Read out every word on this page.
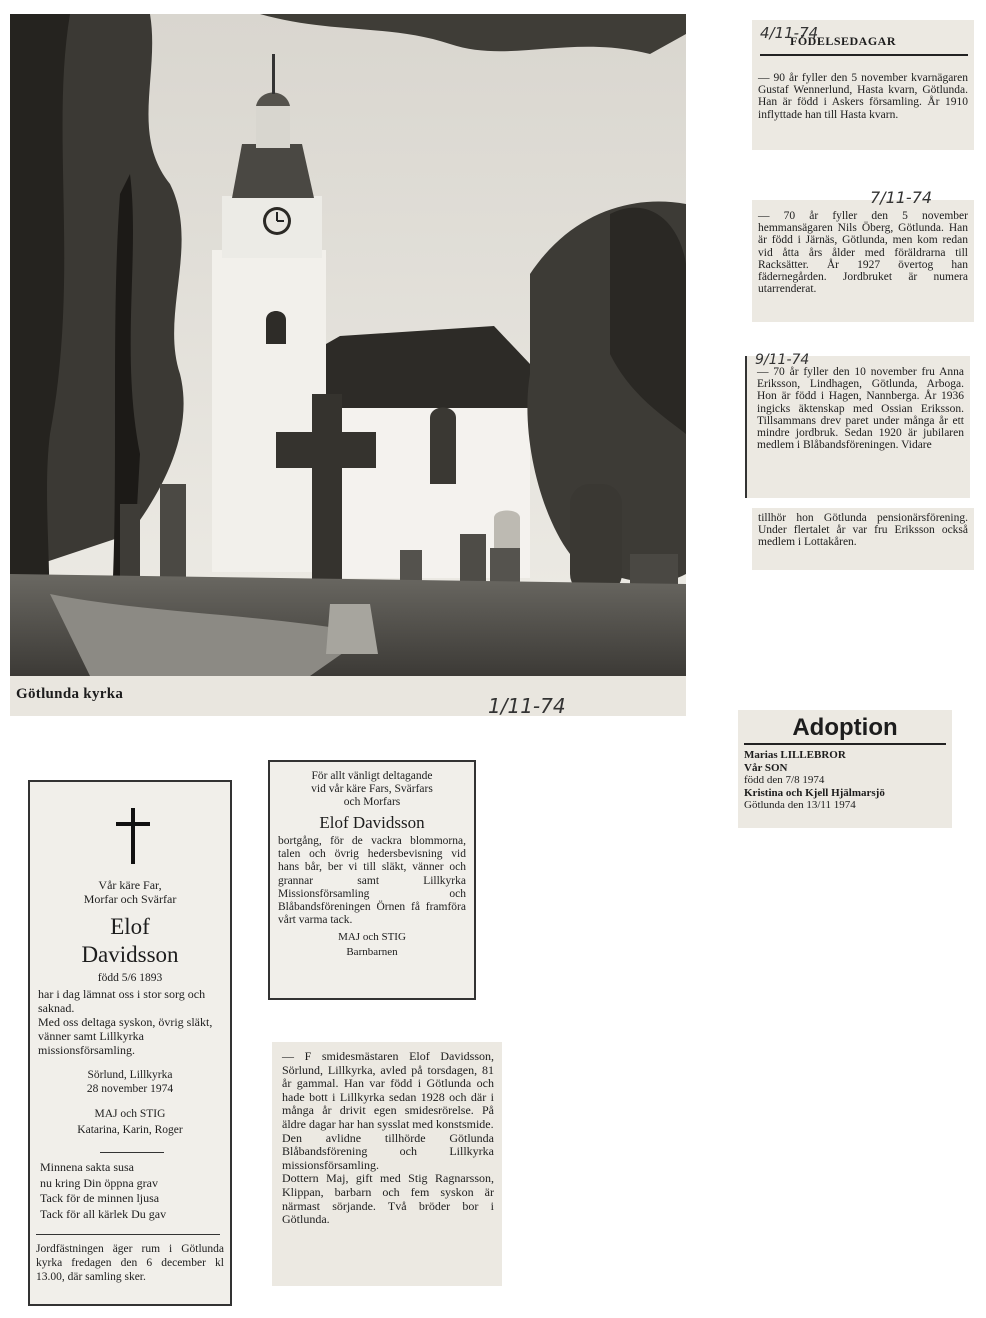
Götlunda kyrka	1/11-74
4/11-74
FÖDELSEDAGAR
— 90 år fyller den 5 november kvarnägaren Gustaf Wennerlund, Hasta kvarn, Götlunda. Han är född i Askers församling. År 1910 inflyttade han till Hasta kvarn.
7/11-74
— 70 år fyller den 5 november hemmansägaren Nils Öberg, Götlunda. Han är född i Järnäs, Götlunda, men kom redan vid åtta års ålder med föräldrarna till Racksätter. År 1927 övertog han fädernegården. Jordbruket är numera utarrenderat.
9/11-74
— 70 år fyller den 10 november fru Anna Eriksson, Lindhagen, Götlunda, Arboga. Hon är född i Hagen, Nannberga. År 1936 ingicks äktenskap med Ossian Eriksson. Tillsammans drev paret under många år ett mindre jordbruk. Sedan 1920 är jubilaren medlem i Blåbandsföreningen. Vidare
tillhör hon Götlunda pensionärsförening. Under flertalet år var fru Eriksson också medlem i Lottakåren.
Adoption
Marias LILLEBROR
Vår SON
född den 7/8 1974
Kristina och Kjell Hjälmarsjö
Götlunda den 13/11 1974
Vår käre Far,
Morfar och Svärfar
Elof
Davidsson
född 5/6 1893
har i dag lämnat oss i stor sorg och saknad.
Med oss deltaga syskon, övrig släkt, vänner samt Lillkyrka missionsförsamling.
Sörlund, Lillkyrka
28 november 1974
MAJ och STIG
Katarina, Karin, Roger
Minnena sakta susa
nu kring Din öppna grav
Tack för de minnen ljusa
Tack för all kärlek Du gav
Jordfästningen äger rum i Götlunda kyrka fredagen den 6 december kl 13.00, där samling sker.
För allt vänligt deltagande
vid vår käre Fars, Svärfars
och Morfars
Elof Davidsson
bortgång, för de vackra blommorna, talen och övrig hedersbevisning vid hans bår, ber vi till släkt, vänner och grannar samt Lillkyrka Missionsförsamling och Blåbandsföreningen Örnen få framföra vårt varma tack.
MAJ och STIG
Barnbarnen
— F smidesmästaren Elof Davidsson, Sörlund, Lillkyrka, avled på torsdagen, 81 år gammal. Han var född i Götlunda och hade bott i Lillkyrka sedan 1928 och där i många år drivit egen smidesrörelse. På äldre dagar har han sysslat med konstsmide.
Den avlidne tillhörde Götlunda Blåbandsförening och Lillkyrka missionsförsamling.
Dottern Maj, gift med Stig Ragnarsson, Klippan, barbarn och fem syskon är närmast sörjande. Två bröder bor i Götlunda.
